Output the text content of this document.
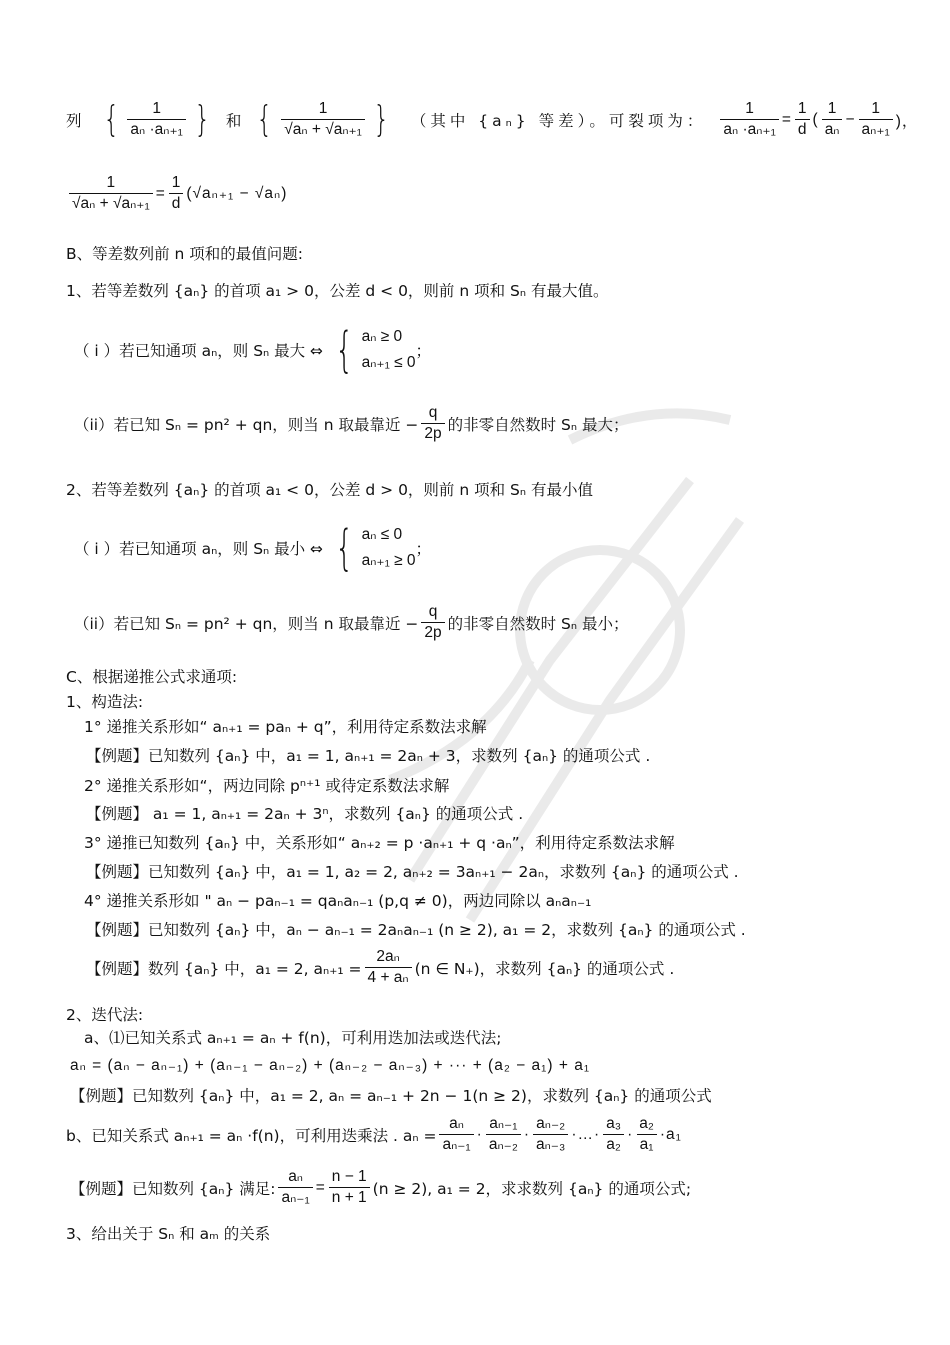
列 { $\frac{1}{\text{aₙ ·aₙ₊₁}}$ } 和 { $\frac{1}{\text{√aₙ + √aₙ₊₁}}$ } （其中 {aₙ} 等差）。可裂项为： $\frac{1}{\text{aₙ ·aₙ₊₁}} = \frac{1}{d}$ ( $\frac{1}{\text{aₙ}} - \frac{1}{\text{aₙ₊₁}}$ )，
$\frac{1}{\text{√aₙ + √aₙ₊₁}} = \frac{1}{d} (√a_{n+1} - √a_n)$
B、等差数列前 n 项和的最值问题:
1、若等差数列 {aₙ} 的首项 a₁ > 0，公差 d < 0，则前 n 项和 Sₙ 有最大值。
（ i ）若已知通项 aₙ，则 Sₙ 最大 ⇔ { aₙ ≥ 0
aₙ₊₁ ≤ 0
；
（ii）若已知 Sₙ = pn² + qn，则当 n 取最靠近 − $\frac{q}{2p}$ 的非零自然数时 Sₙ 最大；
2、若等差数列 {aₙ} 的首项 a₁ < 0，公差 d > 0，则前 n 项和 Sₙ 有最小值
（ i ）若已知通项 aₙ，则 Sₙ 最小 ⇔ { aₙ ≤ 0
aₙ₊₁ ≥ 0
；
（ii）若已知 Sₙ = pn² + qn，则当 n 取最靠近 − $\frac{q}{2p}$ 的非零自然数时 Sₙ 最小；
C、根据递推公式求通项:
1、构造法:
1° 递推关系形如“ aₙ₊₁ = paₙ + q”，利用待定系数法求解
【例题】已知数列 {aₙ} 中，a₁ = 1, aₙ₊₁ = 2aₙ + 3，求数列 {aₙ} 的通项公式 .
2° 递推关系形如“，两边同除 pⁿ⁺¹ 或待定系数法求解
【例题】 a₁ = 1, aₙ₊₁ = 2aₙ + 3ⁿ，求数列 {aₙ} 的通项公式 .
3° 递推已知数列 {aₙ} 中，关系形如“ aₙ₊₂ = p ·aₙ₊₁ + q ·aₙ”，利用待定系数法求解
【例题】已知数列 {aₙ} 中，a₁ = 1, a₂ = 2, aₙ₊₂ = 3aₙ₊₁ − 2aₙ，求数列 {aₙ} 的通项公式 .
4° 递推关系形如 " aₙ − paₙ₋₁ = qaₙaₙ₋₁ (p,q ≠ 0)，两边同除以 aₙaₙ₋₁
【例题】已知数列 {aₙ} 中，aₙ − aₙ₋₁ = 2aₙaₙ₋₁ (n ≥ 2), a₁ = 2，求数列 {aₙ} 的通项公式 .
【例题】数列 {aₙ} 中，a₁ = 2, $a_{n+1} = \frac{\text{2aₙ}}{\text{4 + aₙ}} (n$ ∈ N₊)，求数列 {aₙ} 的通项公式 .
2、迭代法:
a、⑴已知关系式 aₙ₊₁ = aₙ + f(n)，可利用迭加法或迭代法;
aₙ = (aₙ − aₙ₋₁) + (aₙ₋₁ − aₙ₋₂) + (aₙ₋₂ − aₙ₋₃) + ··· + (a₂ − a₁) + a₁
【例题】已知数列 {aₙ} 中，a₁ = 2, aₙ = aₙ₋₁ + 2n − 1(n ≥ 2)，求数列 {aₙ} 的通项公式
b、已知关系式 aₙ₊₁ = aₙ ·f(n)，可利用迭乘法 . $a_n = \frac{\text{aₙ}}{\text{aₙ₋₁}} \cdot \frac{\text{aₙ₋₁}}{\text{aₙ₋₂}} \cdot \frac{\text{aₙ₋₂}}{\text{aₙ₋₃}}$ ·…· $\frac{\text{a₃}}{\text{a₂}} \cdot \frac{\text{a₂}}{\text{a₁}} \cdot a_1$
【例题】已知数列 {aₙ} 满足: $\frac{\text{aₙ}}{\text{aₙ₋₁}} = \frac{n - 1}{n + 1} (n \ge 2)$, a₁ = 2，求求数列 {aₙ} 的通项公式;
3、给出关于 Sₙ 和 aₘ 的关系
